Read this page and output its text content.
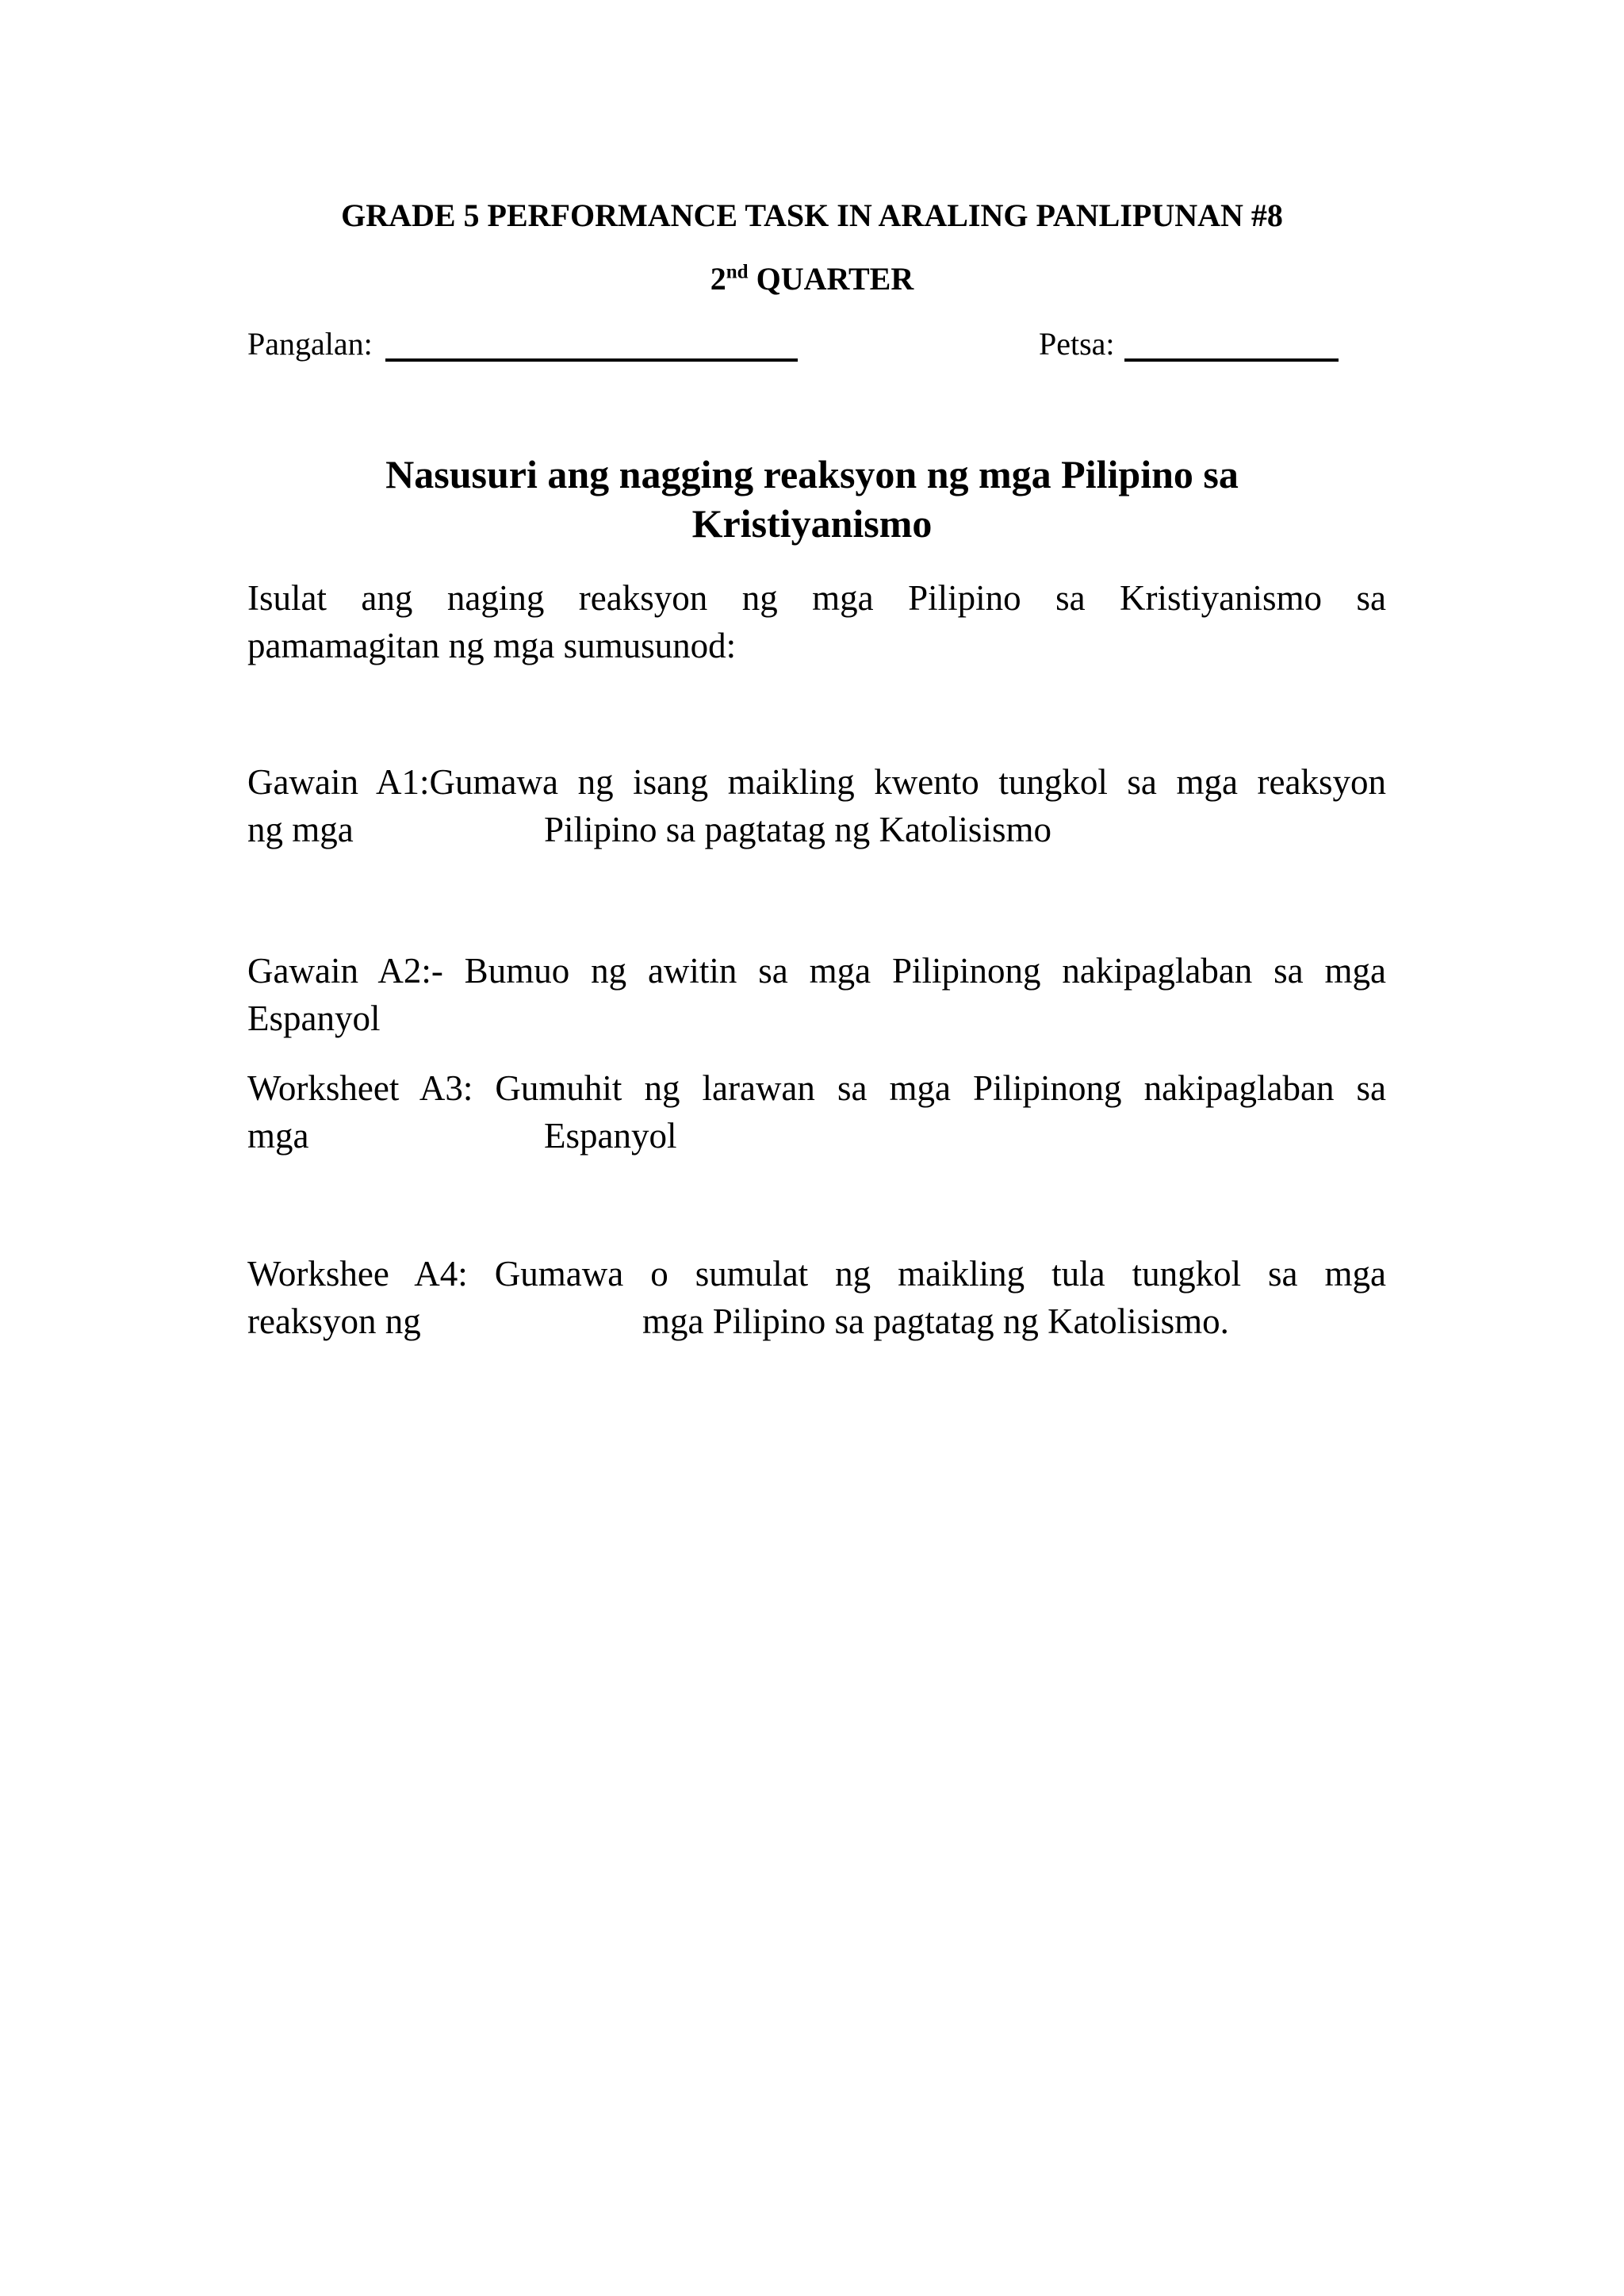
GRADE 5 PERFORMANCE TASK IN ARALING PANLIPUNAN #8
2nd QUARTER
Pangalan:	Petsa:
Nasusuri ang nagging reaksyon ng mga Pilipino sa
Kristiyanismo
Isulat ang naging reaksyon ng mga Pilipino sa Kristiyanismo sa
pamamagitan ng mga sumusunod:
Gawain A1:Gumawa ng isang maikling kwento tungkol sa mga reaksyon
ng mga	Pilipino sa pagtatag ng Katolisismo
Gawain A2:- Bumuo ng awitin sa mga Pilipinong nakipaglaban sa mga
Espanyol
Worksheet A3: Gumuhit ng larawan sa mga Pilipinong nakipaglaban sa
mga	Espanyol
Workshee A4: Gumawa o sumulat ng maikling tula tungkol sa mga
reaksyon ng	mga Pilipino sa pagtatag ng Katolisismo.
